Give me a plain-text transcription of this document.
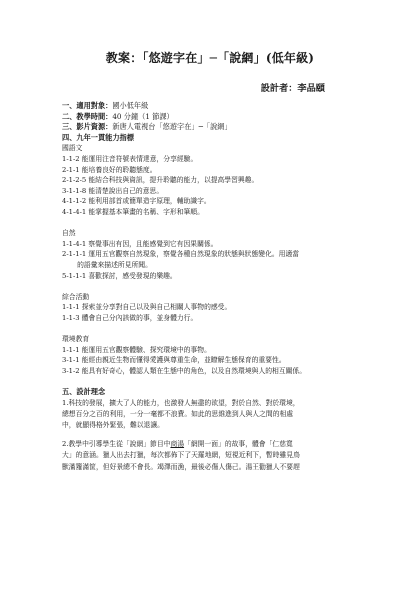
教案：「悠遊字在」─「說網」(低年級)
設計者：李品頤
一、適用對象：國小低年級
二、教學時間：40 分鐘（1 節課）
三、影片資源：新唐人電視台「悠遊字在」─「說網」
四、九年一貫能力指標
國語文
1-1-2 能運用注音符號表情達意，分享經驗。
2-1-1 能培養良好的聆聽態度。
2-1-2-5 能結合科技與資訊，提升聆聽的能力，以提高學習興趣。
3-1-1-8 能清楚說出自己的意思。
4-1-1-2 能利用部首或簡單造字原理，輔助識字。
4-1-4-1 能掌握基本筆畫的名稱、字形和筆順。
自然
1-1-4-1 察覺事出有因，且能感覺到它有因果關係。
2-1-1-1 運用五官觀察自然現象，察覺各種自然現象的狀態與狀態變化。用適當
的語彙來描述所見所聞。
5-1-1-1 喜歡探討，感受發現的樂趣。
綜合活動
1-1-1 探索並分享對自己以及與自己相關人事物的感受。
1-1-3 體會自己分內該做的事，並身體力行。
環境教育
1-1-1 能運用五官觀察體驗、探究環境中的事物。
3-1-1 能經由親近生物而懂得愛護與尊重生命，並瞭解生態保育的重要性。
3-1-2 能具有好奇心，體認人類在生態中的角色，以及自然環境與人的相互關係。
五、設計理念
1.科技的發展，擴大了人的能力，也激發人無盡的欲望，對於自然、對於環境，
總想百分之百的利用，一分一毫都不浪費。如此的思維進到人與人之間的相處
中，就顯得格外緊張，難以退讓。
2.教學中引導學生從「說網」節目中商湯「網開一面」的故事，體會「仁慈寬
大」的意涵。獵人出去打獵，每次都佈下了天羅地網，短視近利下，暫時雖見鳥
獸滿籮滿筐，但好景總不會長。竭澤而漁，最後必傷人傷己。湯王勸獵人不要趕
